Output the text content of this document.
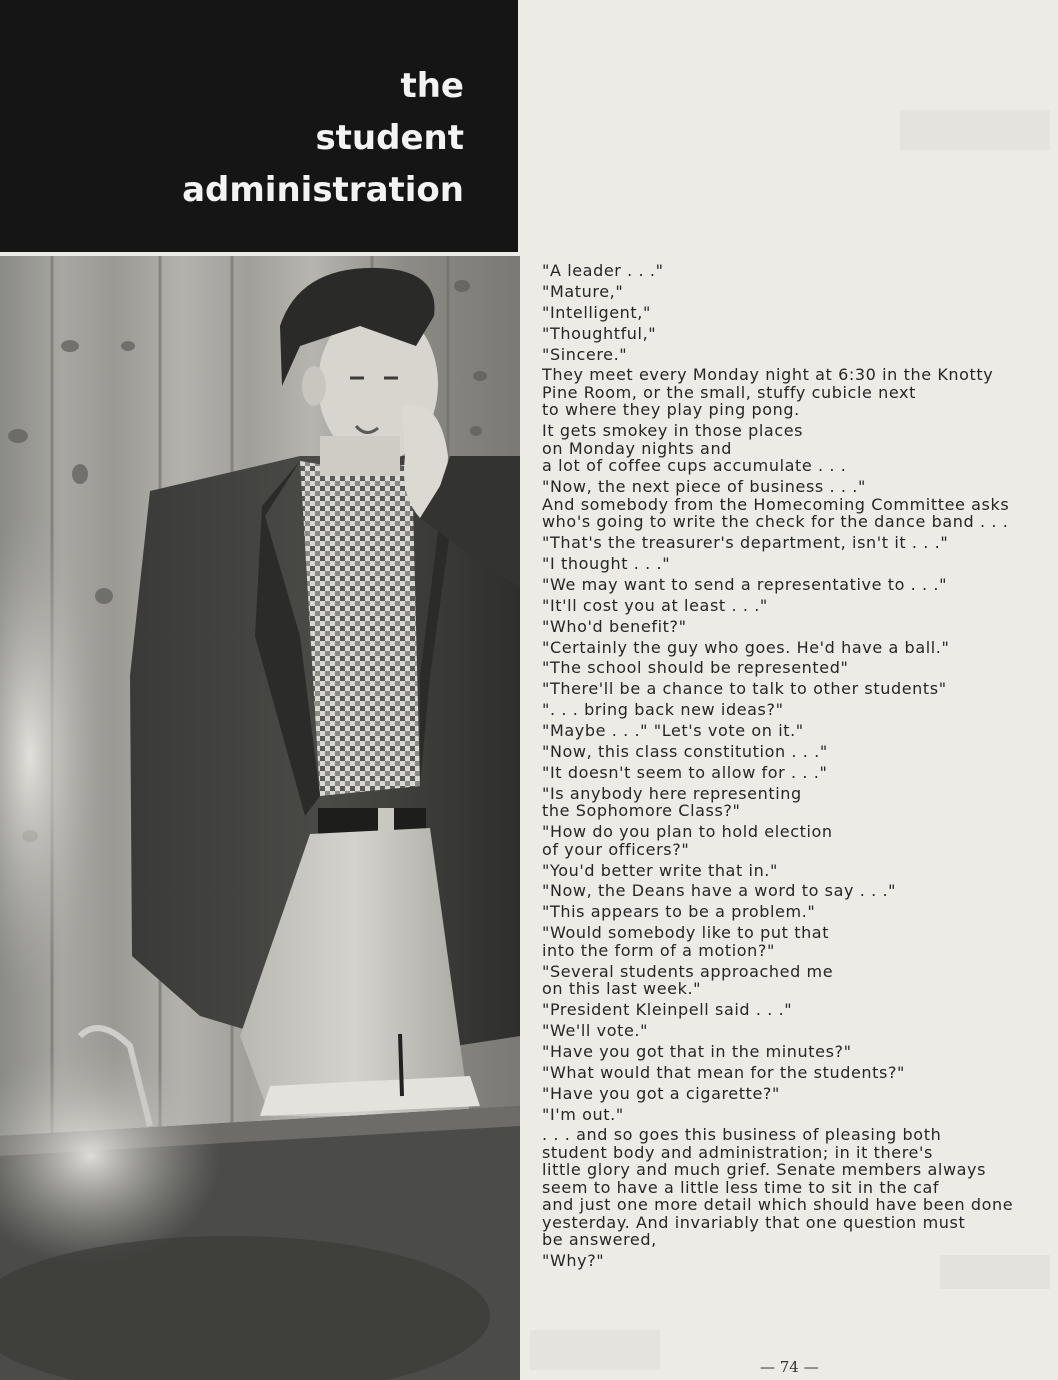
the
student
administration

"A leader . . ."

"Mature,"

"Intelligent,"

"Thoughtful,"

"Sincere."

They meet every Monday night at 6:30 in the Knotty
Pine Room, or the small, stuffy cubicle next
to where they play ping pong.

It gets smokey in those places
on Monday nights and
a lot of coffee cups accumulate . . .

"Now, the next piece of business . . ."
And somebody from the Homecoming Committee asks
who's going to write the check for the dance band . . .

"That's the treasurer's department, isn't it . . ."

"I thought . . ."

"We may want to send a representative to . . ."

"It'll cost you at least . . ."

"Who'd benefit?"

"Certainly the guy who goes. He'd have a ball."

"The school should be represented"

"There'll be a chance to talk to other students"

". . . bring back new ideas?"

"Maybe . . ." "Let's vote on it."

"Now, this class constitution . . ."

"It doesn't seem to allow for . . ."

"Is anybody here representing
the Sophomore Class?"

"How do you plan to hold election
of your officers?"

"You'd better write that in."

"Now, the Deans have a word to say . . ."

"This appears to be a problem."

"Would somebody like to put that
into the form of a motion?"

"Several students approached me
on this last week."

"President Kleinpell said . . ."

"We'll vote."

"Have you got that in the minutes?"

"What would that mean for the students?"

"Have you got a cigarette?"

"I'm out."

. . . and so goes this business of pleasing both
student body and administration; in it there's
little glory and much grief. Senate members always
seem to have a little less time to sit in the caf
and just one more detail which should have been done
yesterday. And invariably that one question must
be answered,

"Why?"

— 74 —
